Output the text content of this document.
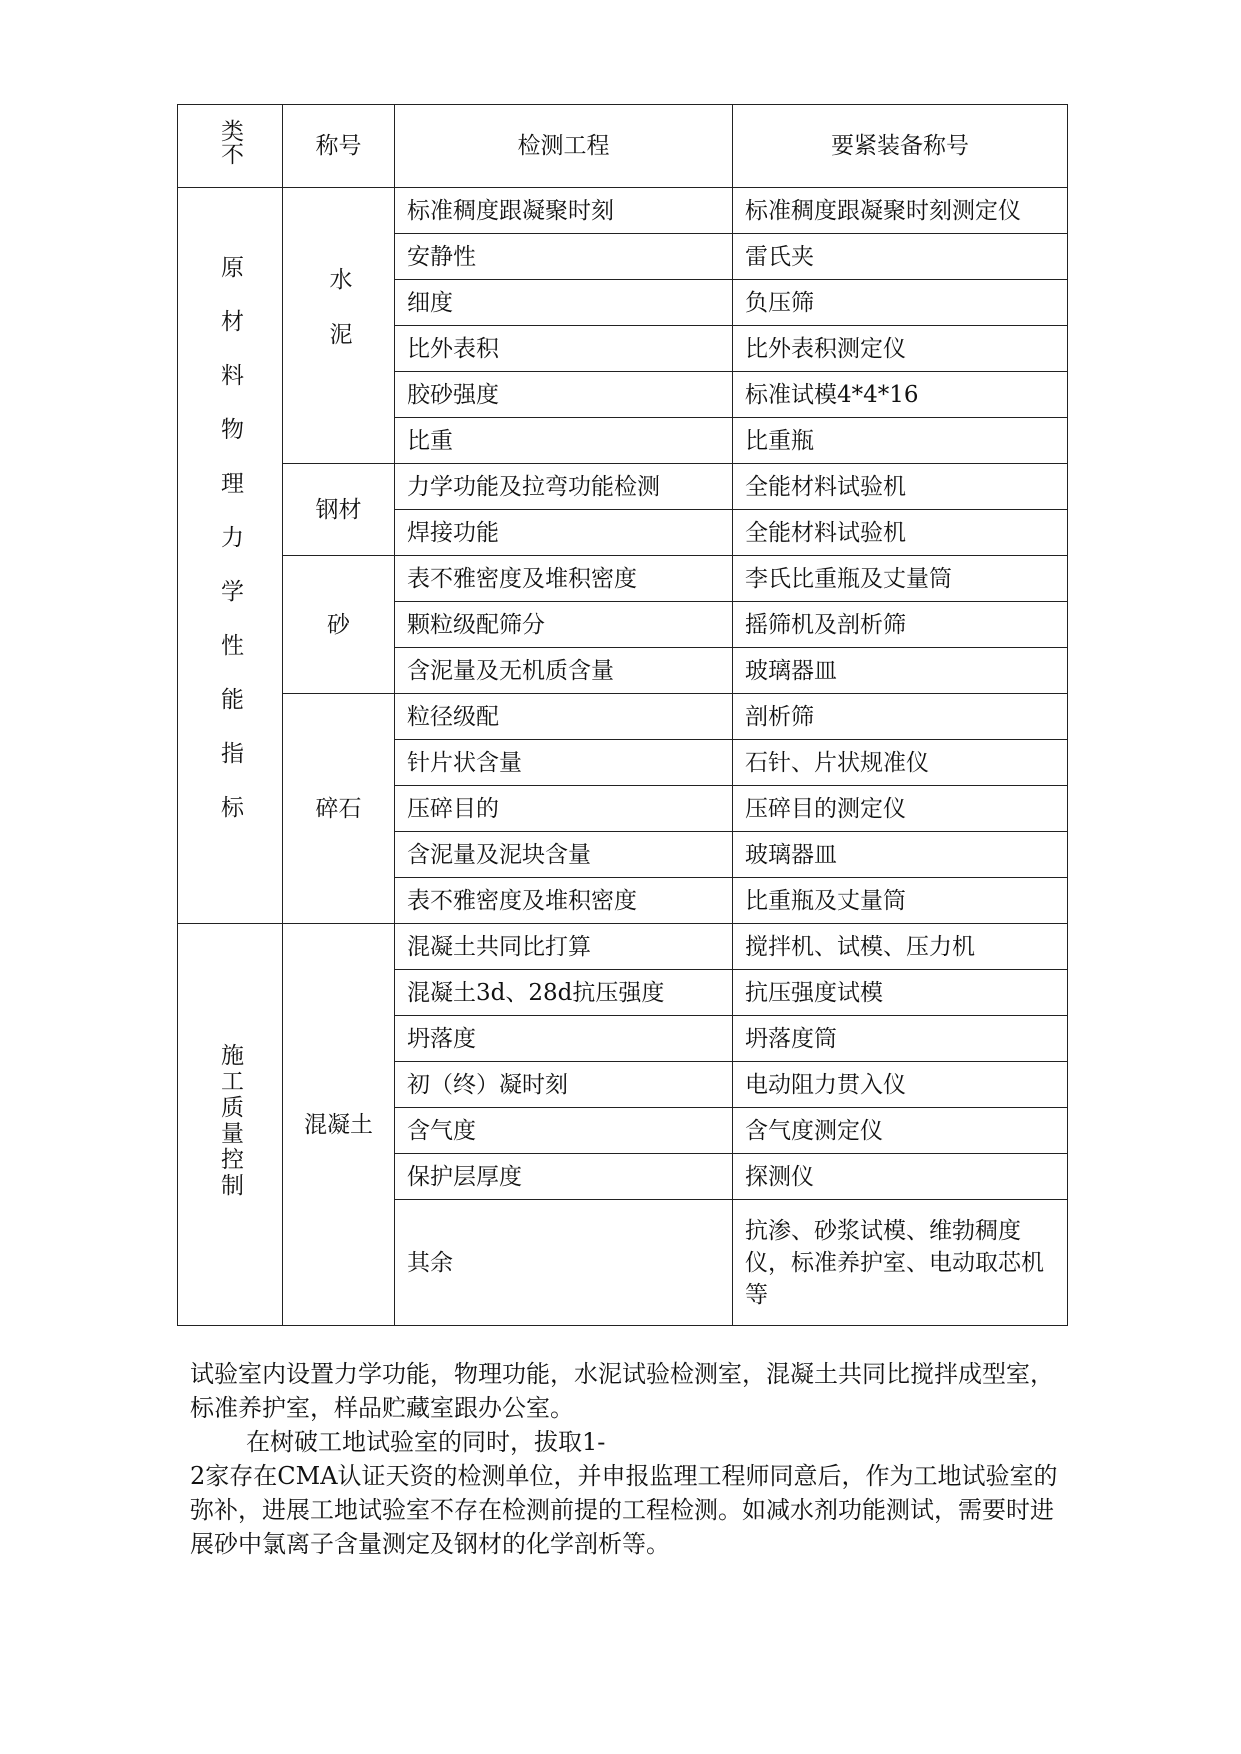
类不	称号	检测工程	要紧装备称号
原材料物理力学性能指标	水泥	标准稠度跟凝聚时刻	标准稠度跟凝聚时刻测定仪
		安静性	雷氏夹
		细度	负压筛
		比外表积	比外表积测定仪
		胶砂强度	标准试模4*4*16
		比重	比重瓶
	钢材	力学功能及拉弯功能检测	全能材料试验机
		焊接功能	全能材料试验机
	砂	表不雅密度及堆积密度	李氏比重瓶及丈量筒
		颗粒级配筛分	摇筛机及剖析筛
		含泥量及无机质含量	玻璃器皿
	碎石	粒径级配	剖析筛
		针片状含量	石针、片状规准仪
		压碎目的	压碎目的测定仪
		含泥量及泥块含量	玻璃器皿
		表不雅密度及堆积密度	比重瓶及丈量筒
施工质量控制	混凝土	混凝土共同比打算	搅拌机、试模、压力机
		混凝土3d、28d抗压强度	抗压强度试模
		坍落度	坍落度筒
		初（终）凝时刻	电动阻力贯入仪
		含气度	含气度测定仪
		保护层厚度	探测仪
		其余	抗渗、砂浆试模、维勃稠度仪，标准养护室、电动取芯机等

试验室内设置力学功能，物理功能，水泥试验检测室，混凝土共同比搅拌成型室，标准养护室，样品贮藏室跟办公室。

在树破工地试验室的同时，拔取1-

2家存在CMA认证天资的检测单位，并申报监理工程师同意后，作为工地试验室的弥补，进展工地试验室不存在检测前提的工程检测。如减水剂功能测试，需要时进展砂中氯离子含量测定及钢材的化学剖析等。
